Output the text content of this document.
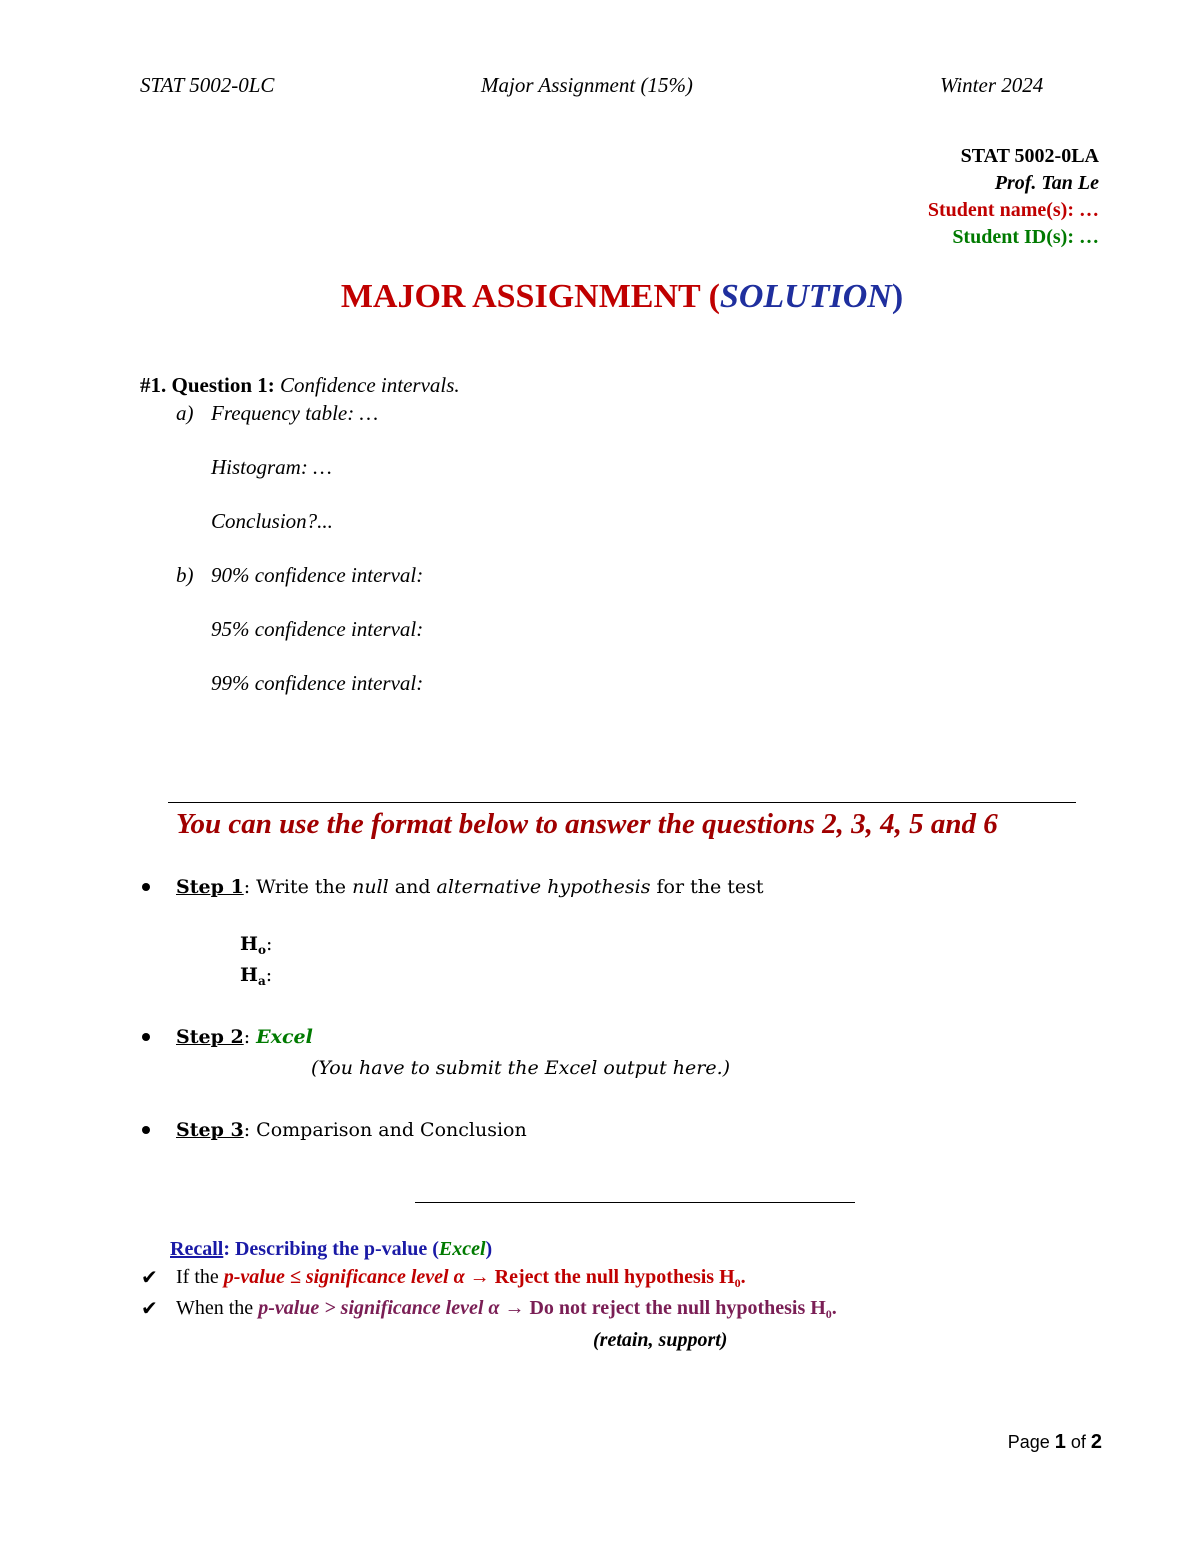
STAT 5002-0LC	Major Assignment (15%)	Winter 2024
STAT 5002-0LA
Prof. Tan Le
Student name(s): …
Student ID(s): …
MAJOR ASSIGNMENT (SOLUTION)
#1. Question 1: Confidence intervals.
a) Frequency table: …
Histogram: …
Conclusion?...
b) 90% confidence interval:
95% confidence interval:
99% confidence interval:
You can use the format below to answer the questions 2, 3, 4, 5 and 6
Step 1: Write the null and alternative hypothesis for the test
$H_o$:
$H_a$:
Step 2: Excel
(You have to submit the Excel output here.)
Step 3: Comparison and Conclusion
Recall: Describing the p-value (Excel)
✔ If the p-value ≤ significance level α → Reject the null hypothesis $H_0$.
✔ When the p-value > significance level α → Do not reject the null hypothesis $H_0$.
(retain, support)
Page 1 of 2
